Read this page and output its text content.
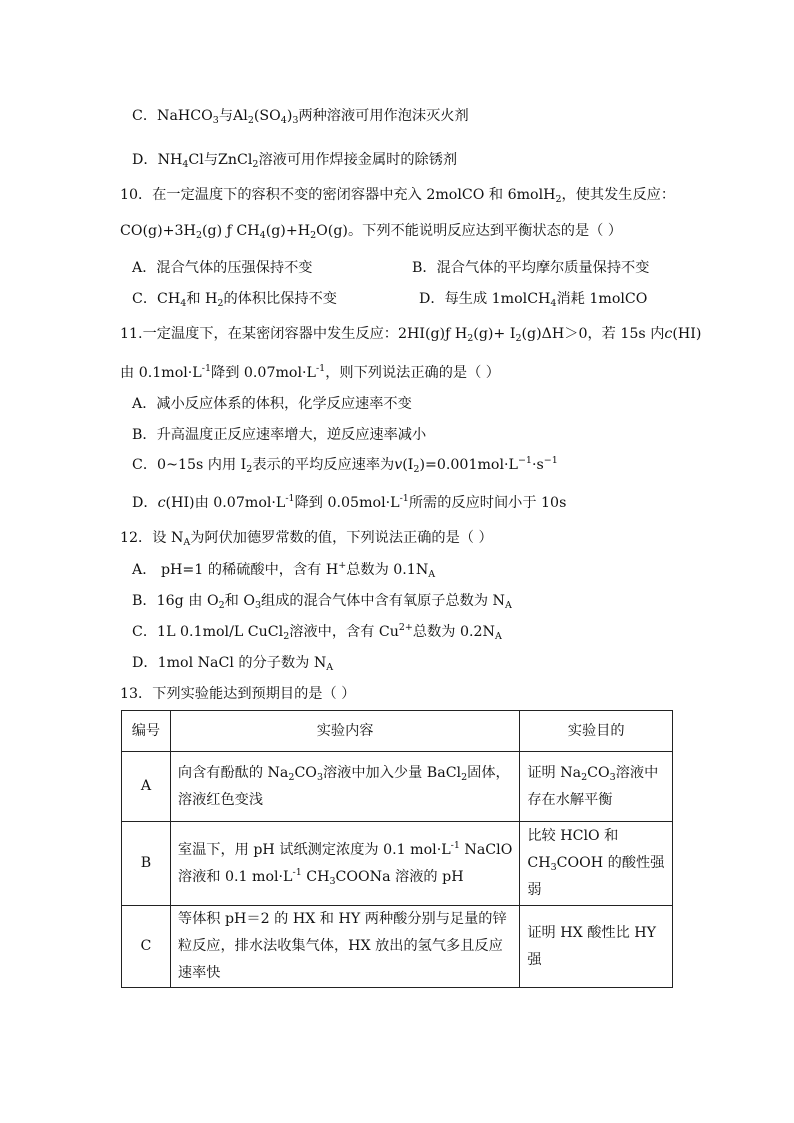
C．NaHCO$_3$与$Al_2(SO_4)_3$两种溶液可用作泡沫灭火剂
D．$NH_4Cl$与ZnCl$_2$溶液可用作焊接金属时的除锈剂
10．在一定温度下的容积不变的密闭容器中充入 2molCO 和 6molH$_2$，使其发生反应：
$CO(g)+3H_2(g)$ ƒ $CH_4(g)+H_2O(g)$。下列不能说明反应达到平衡状态的是（ ）
A．混合气体的压强保持不变	B．混合气体的平均摩尔质量保持不变
C．$CH_4$和 $H_2$的体积比保持不变	D．每生成 1molCH$_4$消耗 1molCO
11.一定温度下，在某密闭容器中发生反应：2HI(g)ƒ $H_2(g)+ I_2(g)\Delta H>0$，若 15s 内c(HI)
由 $0.1mol\cdot L^{-1}$降到 $0.07mol\cdot L^{-1}$，则下列说法正确的是（ ）
A．减小反应体系的体积，化学反应速率不变
B．升高温度正反应速率增大，逆反应速率减小
C．0~15s 内用 $I_2$表示的平均反应速率为$v(I_2)=0.001mol\cdot L^{-1}\cdot s^{-1}$
D．c(HI)由 $0.07mol\cdot L^{-1}$降到 $0.05mol\cdot L^{-1}$所需的反应时间小于 10s
12．设 $N_A$为阿伏加德罗常数的值，下列说法正确的是（ ）
A． pH=1 的稀硫酸中，含有 H+总数为 $0.1N_A$
B．16g 由 $O_2$和 $O_3$组成的混合气体中含有氧原子总数为 $N_A$
C．1L 0.1mol/L CuCl$_2$溶液中，含有 $Cu^{2+}$总数为 $0.2N_A$
D．1mol NaCl 的分子数为 $N_A$
13．下列实验能达到预期目的是（ ）
编号	实验内容	实验目的
A	向含有酚酞的 $Na_2CO_3$溶液中加入少量 BaCl$_2$固体，溶液红色变浅	证明 $Na_2CO_3$溶液中存在水解平衡
B	室温下，用 pH 试纸测定浓度为 0.1 $mol\cdot L^{-1}$ NaClO 溶液和 0.1 $mol\cdot L^{-1}$ $CH_3COONa$ 溶液的 pH	比较 HClO 和 $CH_3COOH$ 的酸性强弱
C	等体积 pH＝2 的 HX 和 HY 两种酸分别与足量的锌粒反应，排水法收集气体，HX 放出的氢气多且反应速率快	证明 HX 酸性比 HY 强
